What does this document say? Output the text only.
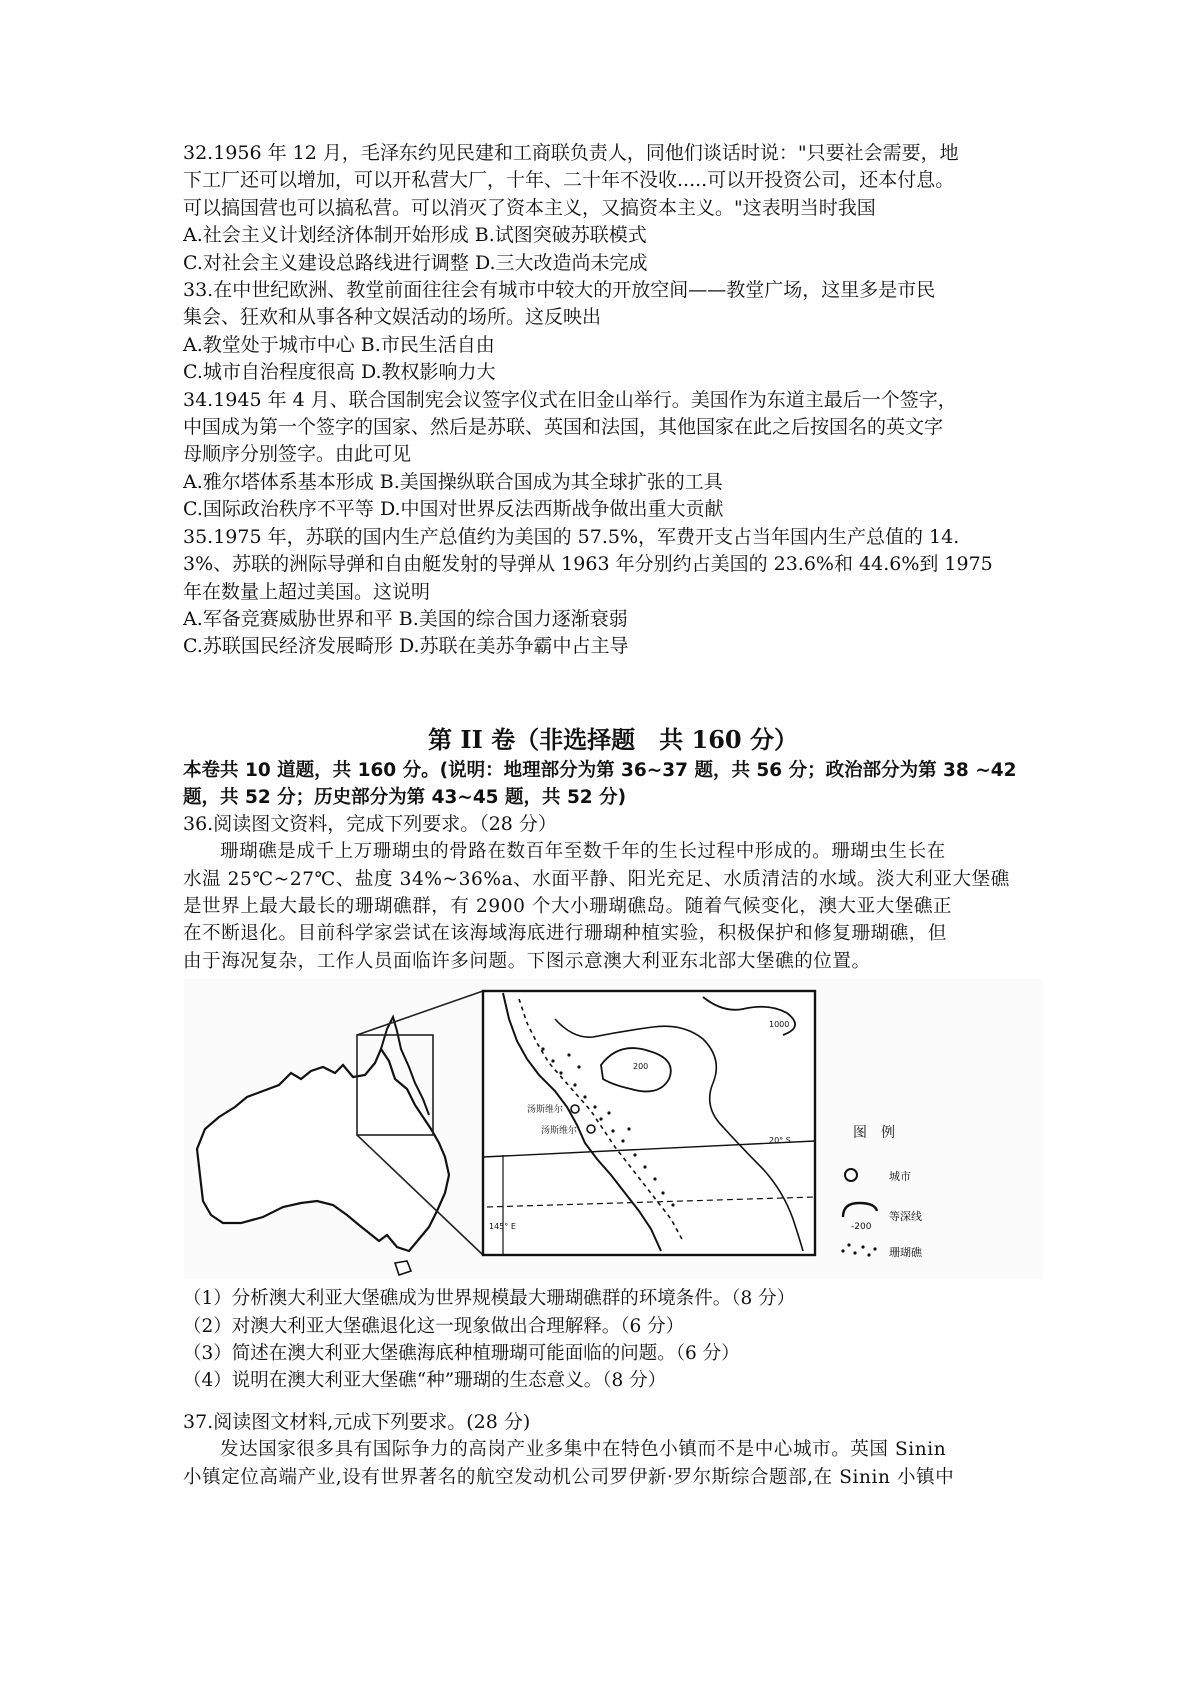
32.1956 年 12 月，毛泽东约见民建和工商联负责人，同他们谈话时说："只要社会需要，地
下工厂还可以增加，可以开私营大厂，十年、二十年不没收.....可以开投资公司，还本付息。
可以搞国营也可以搞私营。可以消灭了资本主义，又搞资本主义。"这表明当时我国
A.社会主义计划经济体制开始形成 B.试图突破苏联模式
C.对社会主义建设总路线进行调整 D.三大改造尚未完成
33.在中世纪欧洲、教堂前面往往会有城市中较大的开放空间——教堂广场，这里多是市民
集会、狂欢和从事各种文娱活动的场所。这反映出
A.教堂处于城市中心 B.市民生活自由
C.城市自治程度很高 D.教权影响力大
34.1945 年 4 月、联合国制宪会议签字仪式在旧金山举行。美国作为东道主最后一个签字，
中国成为第一个签字的国家、然后是苏联、英国和法国，其他国家在此之后按国名的英文字
母顺序分别签字。由此可见
A.雅尔塔体系基本形成 B.美国操纵联合国成为其全球扩张的工具
C.国际政治秩序不平等 D.中国对世界反法西斯战争做出重大贡献
35.1975 年，苏联的国内生产总值约为美国的 57.5%，军费开支占当年国内生产总值的 14.
3%、苏联的洲际导弹和自由艇发射的导弹从 1963 年分别约占美国的 23.6%和 44.6%到 1975
年在数量上超过美国。这说明
A.军备竞赛威胁世界和平 B.美国的综合国力逐渐衰弱
C.苏联国民经济发展畸形 D.苏联在美苏争霸中占主导
第 II 卷（非选择题　共 160 分）
本卷共 10 道题，共 160 分。(说明：地理部分为第 36~37 题，共 56 分；政治部分为第 38 ~42
题，共 52 分；历史部分为第 43~45 题，共 52 分)
36.阅读图文资料，完成下列要求。（28 分）
珊瑚礁是成千上万珊瑚虫的骨路在数百年至数千年的生长过程中形成的。珊瑚虫生长在
水温 25℃~27℃、盐度 34%~36%a、水面平静、阳光充足、水质清洁的水域。淡大利亚大堡礁
是世界上最大最长的珊瑚礁群，有 2900 个大小珊瑚礁岛。随着气候变化，澳大亚大堡礁正
在不断退化。目前科学家尝试在该海域海底进行珊瑚种植实验，积极保护和修复珊瑚礁，但
由于海况复杂，工作人员面临许多问题。下图示意澳大利亚东北部大堡礁的位置。
1000
200
20° S
145° E
汤斯维尔
汤斯维尔	图　例
城市
-200
等深线
珊瑚礁
（1）分析澳大利亚大堡礁成为世界规模最大珊瑚礁群的环境条件。（8 分）
（2）对澳大利亚大堡礁退化这一现象做出合理解释。（6 分）
（3）简述在澳大利亚大堡礁海底种植珊瑚可能面临的问题。（6 分）
（4）说明在澳大利亚大堡礁“种”珊瑚的生态意义。（8 分）
37.阅读图文材料,元成下列要求。(28 分)
发达国家很多具有国际争力的高岗产业多集中在特色小镇而不是中心城市。英国 Sinin
小镇定位高端产业,设有世界著名的航空发动机公司罗伊新·罗尔斯综合题部,在 Sinin 小镇中
